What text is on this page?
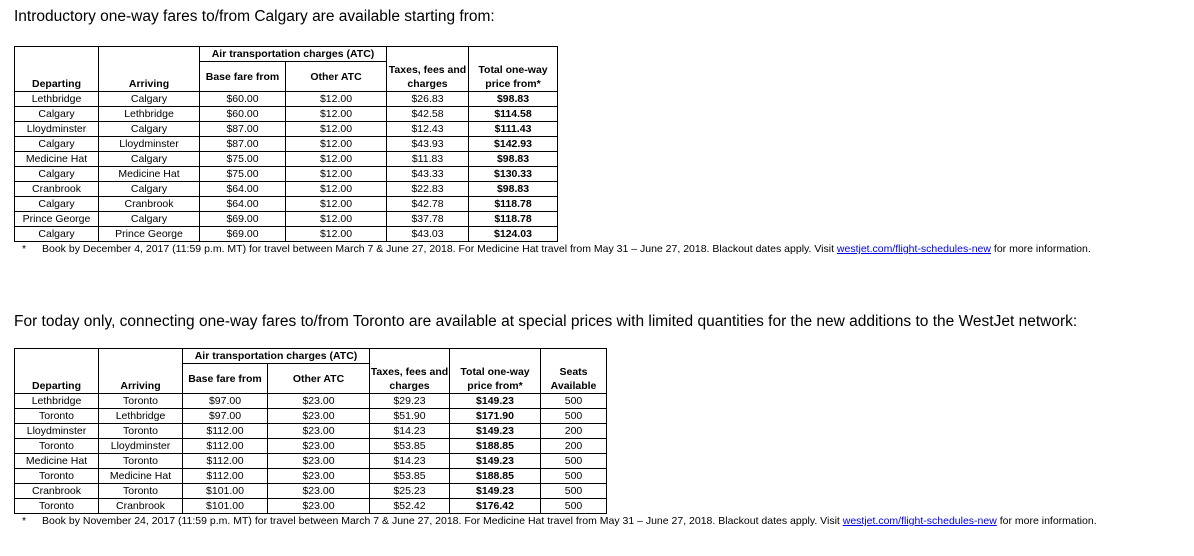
Introductory one-way fares to/from Calgary are available starting from:
Departing	Arriving	Air transportation charges (ATC)		Taxes, fees and charges	Total one-way price from*
		Base fare from	Other ATC		
Lethbridge	Calgary	$60.00	$12.00	$26.83	$98.83
Calgary	Lethbridge	$60.00	$12.00	$42.58	$114.58
Lloydminster	Calgary	$87.00	$12.00	$12.43	$111.43
Calgary	Lloydminster	$87.00	$12.00	$43.93	$142.93
Medicine Hat	Calgary	$75.00	$12.00	$11.83	$98.83
Calgary	Medicine Hat	$75.00	$12.00	$43.33	$130.33
Cranbrook	Calgary	$64.00	$12.00	$22.83	$98.83
Calgary	Cranbrook	$64.00	$12.00	$42.78	$118.78
Prince George	Calgary	$69.00	$12.00	$37.78	$118.78
Calgary	Prince George	$69.00	$12.00	$43.03	$124.03
* Book by December 4, 2017 (11:59 p.m. MT) for travel between March 7 & June 27, 2018. For Medicine Hat travel from May 31 – June 27, 2018. Blackout dates apply. Visit westjet.com/flight-schedules-new for more information.
For today only, connecting one-way fares to/from Toronto are available at special prices with limited quantities for the new additions to the WestJet network:
Departing	Arriving	Air transportation charges (ATC)		Taxes, fees and charges	Total one-way price from*	Seats Available
		Base fare from	Other ATC			
Lethbridge	Toronto	$97.00	$23.00	$29.23	$149.23	500
Toronto	Lethbridge	$97.00	$23.00	$51.90	$171.90	500
Lloydminster	Toronto	$112.00	$23.00	$14.23	$149.23	200
Toronto	Lloydminster	$112.00	$23.00	$53.85	$188.85	200
Medicine Hat	Toronto	$112.00	$23.00	$14.23	$149.23	500
Toronto	Medicine Hat	$112.00	$23.00	$53.85	$188.85	500
Cranbrook	Toronto	$101.00	$23.00	$25.23	$149.23	500
Toronto	Cranbrook	$101.00	$23.00	$52.42	$176.42	500
* Book by November 24, 2017 (11:59 p.m. MT) for travel between March 7 & June 27, 2018. For Medicine Hat travel from May 31 – June 27, 2018. Blackout dates apply. Visit westjet.com/flight-schedules-new for more information.
